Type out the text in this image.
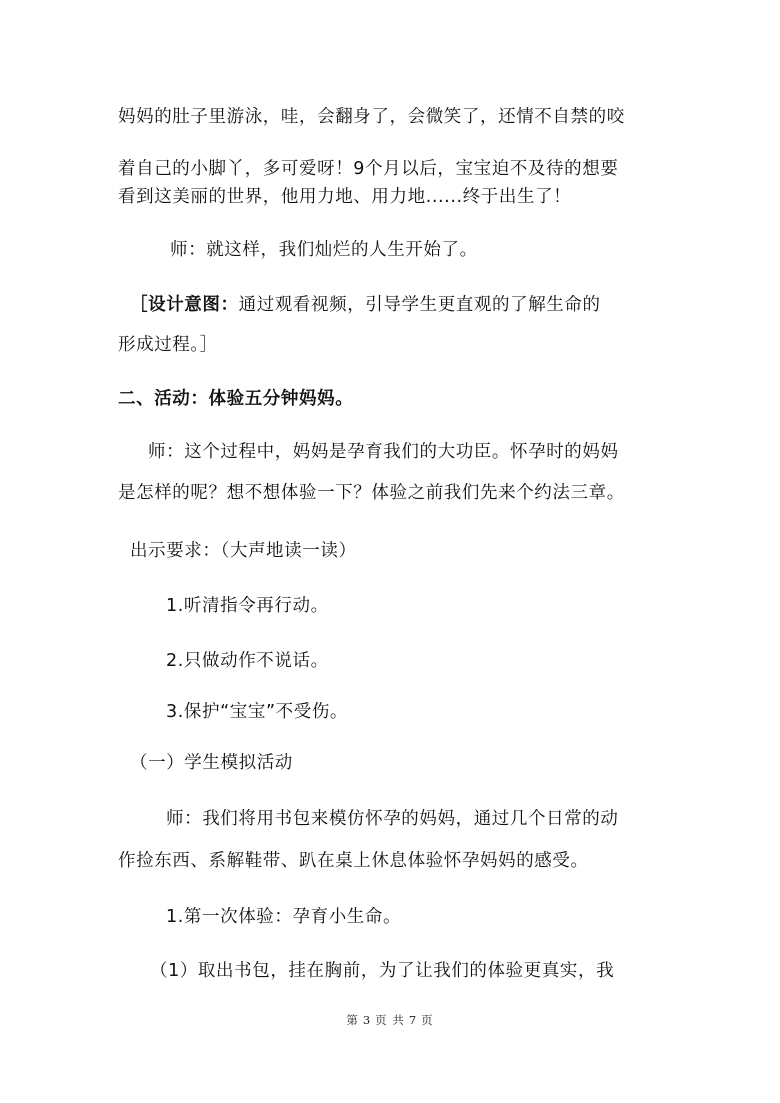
妈妈的肚子里游泳，哇，会翻身了，会微笑了，还情不自禁的咬

着自己的小脚丫，多可爱呀！9个月以后，宝宝迫不及待的想要

看到这美丽的世界，他用力地、用力地......终于出生了！

师：就这样，我们灿烂的人生开始了。

［设计意图：通过观看视频，引导学生更直观的了解生命的

形成过程。］

二、活动：体验五分钟妈妈。

师：这个过程中，妈妈是孕育我们的大功臣。怀孕时的妈妈

是怎样的呢？想不想体验一下？体验之前我们先来个约法三章。

出示要求：（大声地读一读）

1.听清指令再行动。

2.只做动作不说话。

3.保护“宝宝”不受伤。

（一）学生模拟活动

师：我们将用书包来模仿怀孕的妈妈，通过几个日常的动

作捡东西、系解鞋带、趴在桌上休息体验怀孕妈妈的感受。

1.第一次体验：孕育小生命。

（1）取出书包，挂在胸前，为了让我们的体验更真实，我

第 3 页 共 7 页
